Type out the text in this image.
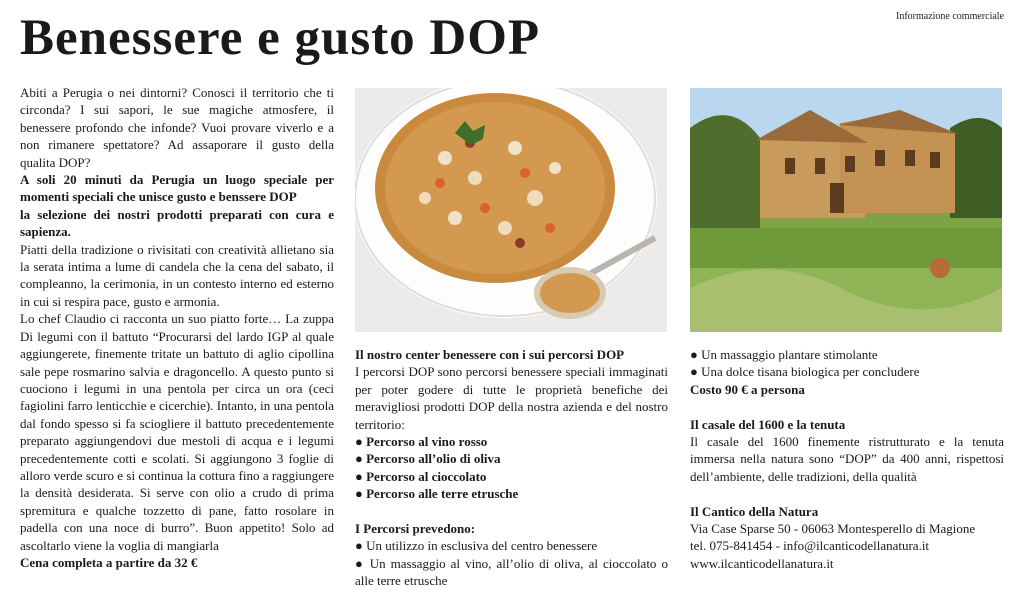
Benessere e gusto DOP	Informazione commerciale

Abiti a Perugia o nei dintorni? Conosci il territorio che ti circonda? I sui sapori, le sue magiche atmosfere, il benessere profondo che infonde? Vuoi provare viverlo e a non rimanere spettatore? Ad assaporare il gusto della qualita DOP?

A soli 20 minuti da Perugia un luogo speciale per momenti speciali che unisce gusto e benssere DOP

la selezione dei nostri prodotti preparati con cura e sapienza.

Piatti della tradizione o rivisitati con creatività allietano sia la serata intima a lume di candela che la cena del sabato, il compleanno, la cerimonia, in un contesto interno ed esterno in cui si respira pace, gusto e armonia.

Lo chef Claudio ci racconta un suo piatto forte… La zuppa Di legumi con il battuto “Procurarsi del lardo IGP al quale aggiungerete, finemente tritate un battuto di aglio cipollina sale pepe rosmarino salvia e dragoncello. A questo punto si cuociono i legumi in una pentola per circa un ora (ceci fagiolini farro lenticchie e cicerchie). Intanto, in una pentola dal fondo spesso si fa sciogliere il battuto precedentemente preparato aggiungendovi due mestoli di acqua e i legumi precedentemente cotti e scolati. Si aggiungono 3 foglie di alloro verde scuro e si continua la cottura fino a raggiungere la densità desiderata. Si serve con olio a crudo di prima spremitura e qualche tozzetto di pane, fatto rosolare in padella con una noce di burro”. Buon appetito! Solo ad ascoltarlo viene la voglia di mangiarla

Cena completa a partire da 32 €

Il nostro center benessere con i sui percorsi DOP

I percorsi DOP sono percorsi benessere speciali immaginati per poter godere di tutte le proprietà benefiche dei meravigliosi prodotti DOP della nostra azienda e del nostro territorio:

● Percorso al vino rosso

● Percorso all’olio di oliva

● Percorso al cioccolato

● Percorso alle terre etrusche

I Percorsi prevedono:

● Un utilizzo in esclusiva del centro benessere

● Un massaggio al vino, all’olio di oliva, al cioccolato o alle terre etrusche

● Un massaggio plantare stimolante

● Una dolce tisana biologica per concludere

Costo 90 € a persona

Il casale del 1600 e la tenuta

Il casale del 1600 finemente ristrutturato e la tenuta immersa nella natura sono “DOP” da 400 anni, rispettosi dell’ambiente, delle tradizioni, della qualità

Il Cantico della Natura

Via Case Sparse 50 - 06063 Montesperello di Magione

tel. 075-841454 - info@ilcanticodellanatura.it

www.ilcanticodellanatura.it
